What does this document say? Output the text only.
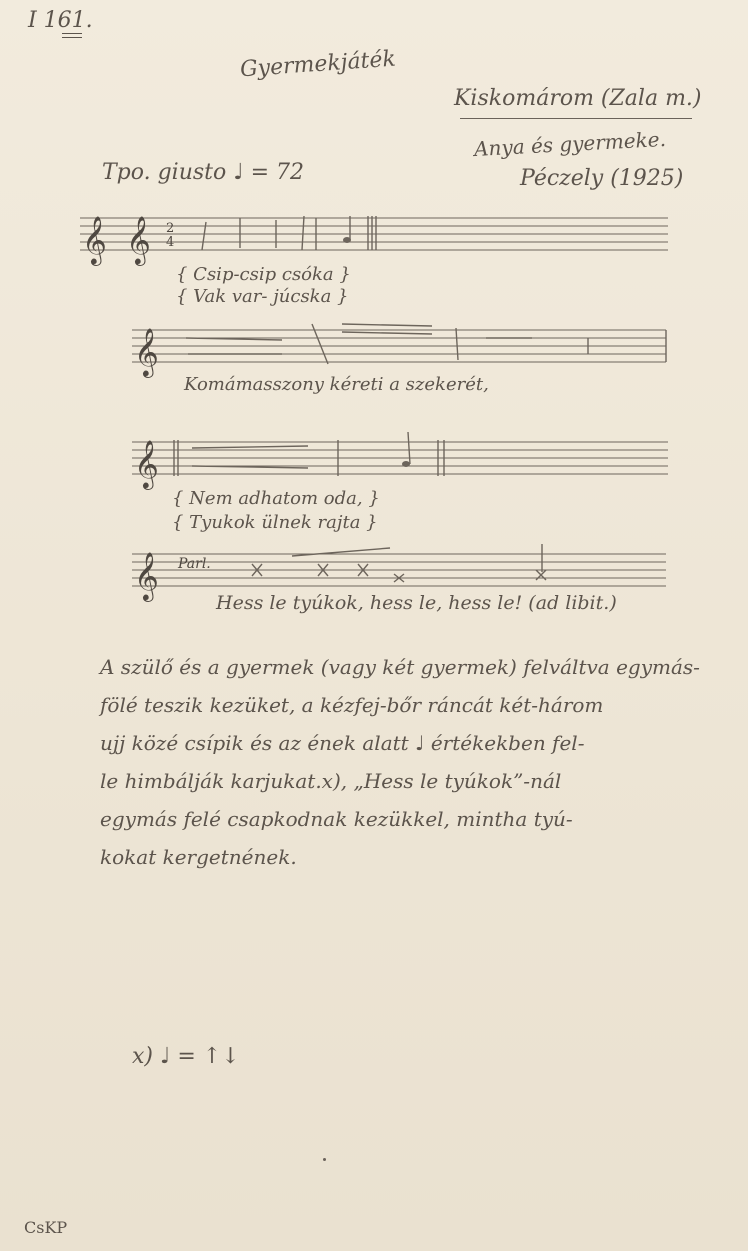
I 161.
Gyermekjáték
Kiskomárom (Zala m.)
Anya és gyermeke.
Péczely (1925)
Tpo. giusto ♩ = 72
𝄞 𝄞 2
4
{ Csip-csip csóka }
{ Vak var- júcska }
𝄞
Komámasszony kéreti a szekerét,
𝄞
{ Nem adhatom oda, }
{ Tyukok ülnek rajta }
𝄞 Parl.
Hess le tyúkok, hess le, hess le! (ad libit.)
A szülő és a gyermek (vagy két gyermek) felváltva egymás-
fölé teszik kezüket, a kézfej-bőr ráncát két-három
ujj közé csípik és az ének alatt ♩ értékekben fel-
le himbálják karjukat.x), „Hess le tyúkok”-nál
egymás felé csapkodnak kezükkel, mintha tyú-
kokat kergetnének.
x) ♩ = ↑↓
CsKP
